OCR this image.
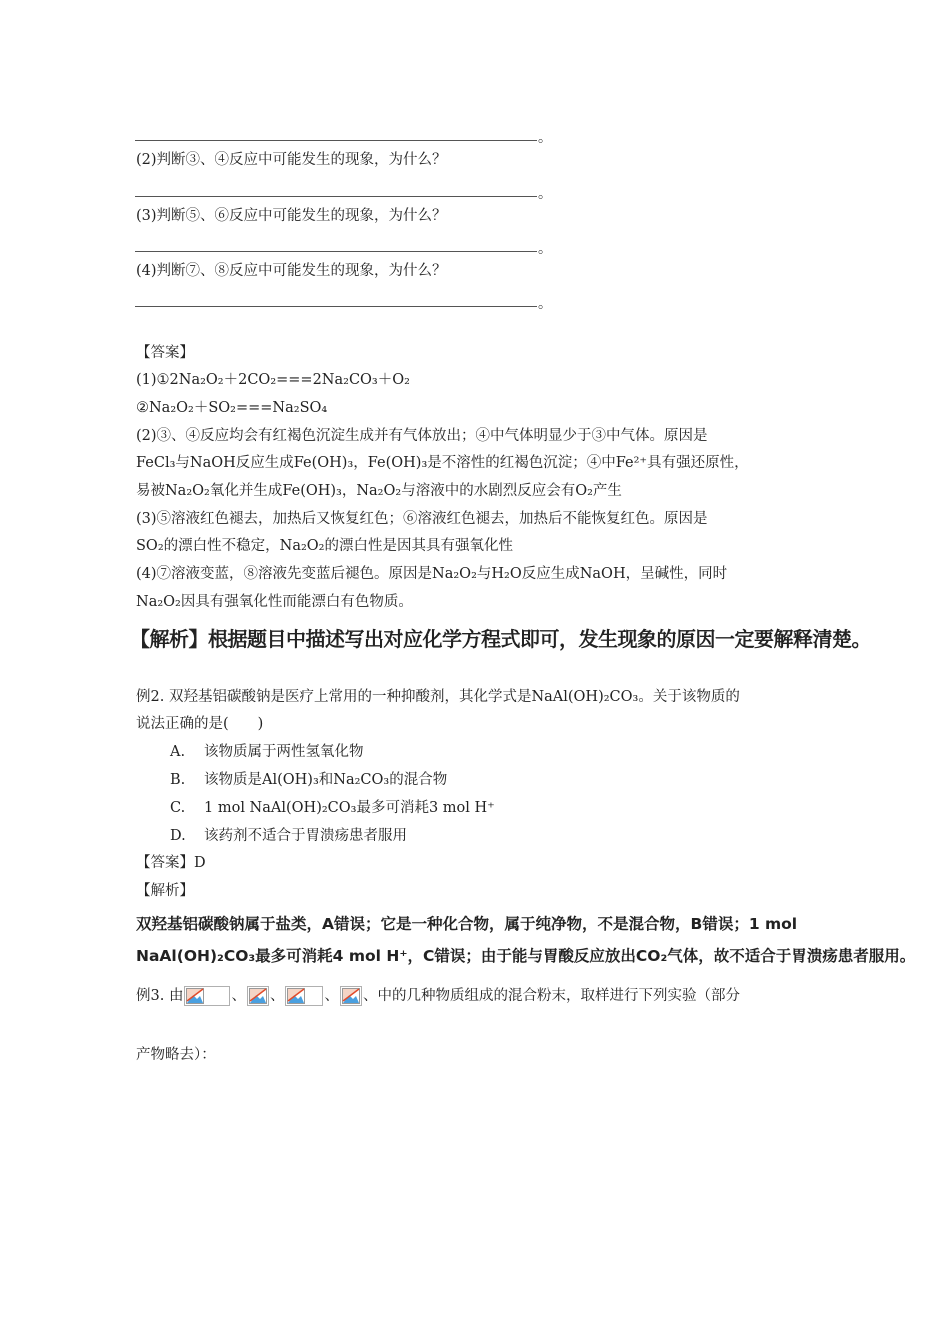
。
(2)判断③、④反应中可能发生的现象，为什么？
。
(3)判断⑤、⑥反应中可能发生的现象，为什么？
。
(4)判断⑦、⑧反应中可能发生的现象，为什么？
。
【答案】
(1)①2Na₂O₂＋2CO₂===2Na₂CO₃＋O₂
②Na₂O₂＋SO₂===Na₂SO₄
(2)③、④反应均会有红褐色沉淀生成并有气体放出；④中气体明显少于③中气体。原因是
FeCl₃与NaOH反应生成Fe(OH)₃，Fe(OH)₃是不溶性的红褐色沉淀；④中Fe²⁺具有强还原性，
易被Na₂O₂氧化并生成Fe(OH)₃，Na₂O₂与溶液中的水剧烈反应会有O₂产生
(3)⑤溶液红色褪去，加热后又恢复红色；⑥溶液红色褪去，加热后不能恢复红色。原因是
SO₂的漂白性不稳定，Na₂O₂的漂白性是因其具有强氧化性
(4)⑦溶液变蓝，⑧溶液先变蓝后褪色。原因是Na₂O₂与H₂O反应生成NaOH，呈碱性，同时
Na₂O₂因具有强氧化性而能漂白有色物质。
【解析】根据题目中描述写出对应化学方程式即可，发生现象的原因一定要解释清楚。
例2. 双羟基铝碳酸钠是医疗上常用的一种抑酸剂，其化学式是NaAl(OH)₂CO₃。关于该物质的
说法正确的是(　　)
A. 该物质属于两性氢氧化物
B. 该物质是Al(OH)₃和Na₂CO₃的混合物
C. 1 mol NaAl(OH)₂CO₃最多可消耗3 mol H⁺
D. 该药剂不适合于胃溃疡患者服用
【答案】D
【解析】
双羟基铝碳酸钠属于盐类，A错误；它是一种化合物，属于纯净物，不是混合物，B错误；1 mol
NaAl(OH)₂CO₃最多可消耗4 mol H⁺，C错误；由于能与胃酸反应放出CO₂气体，故不适合于胃溃疡患者服用。
例3. 由	、 、	、 、中的几种物质组成的混合粉末，取样进行下列实验（部分
产物略去）：
